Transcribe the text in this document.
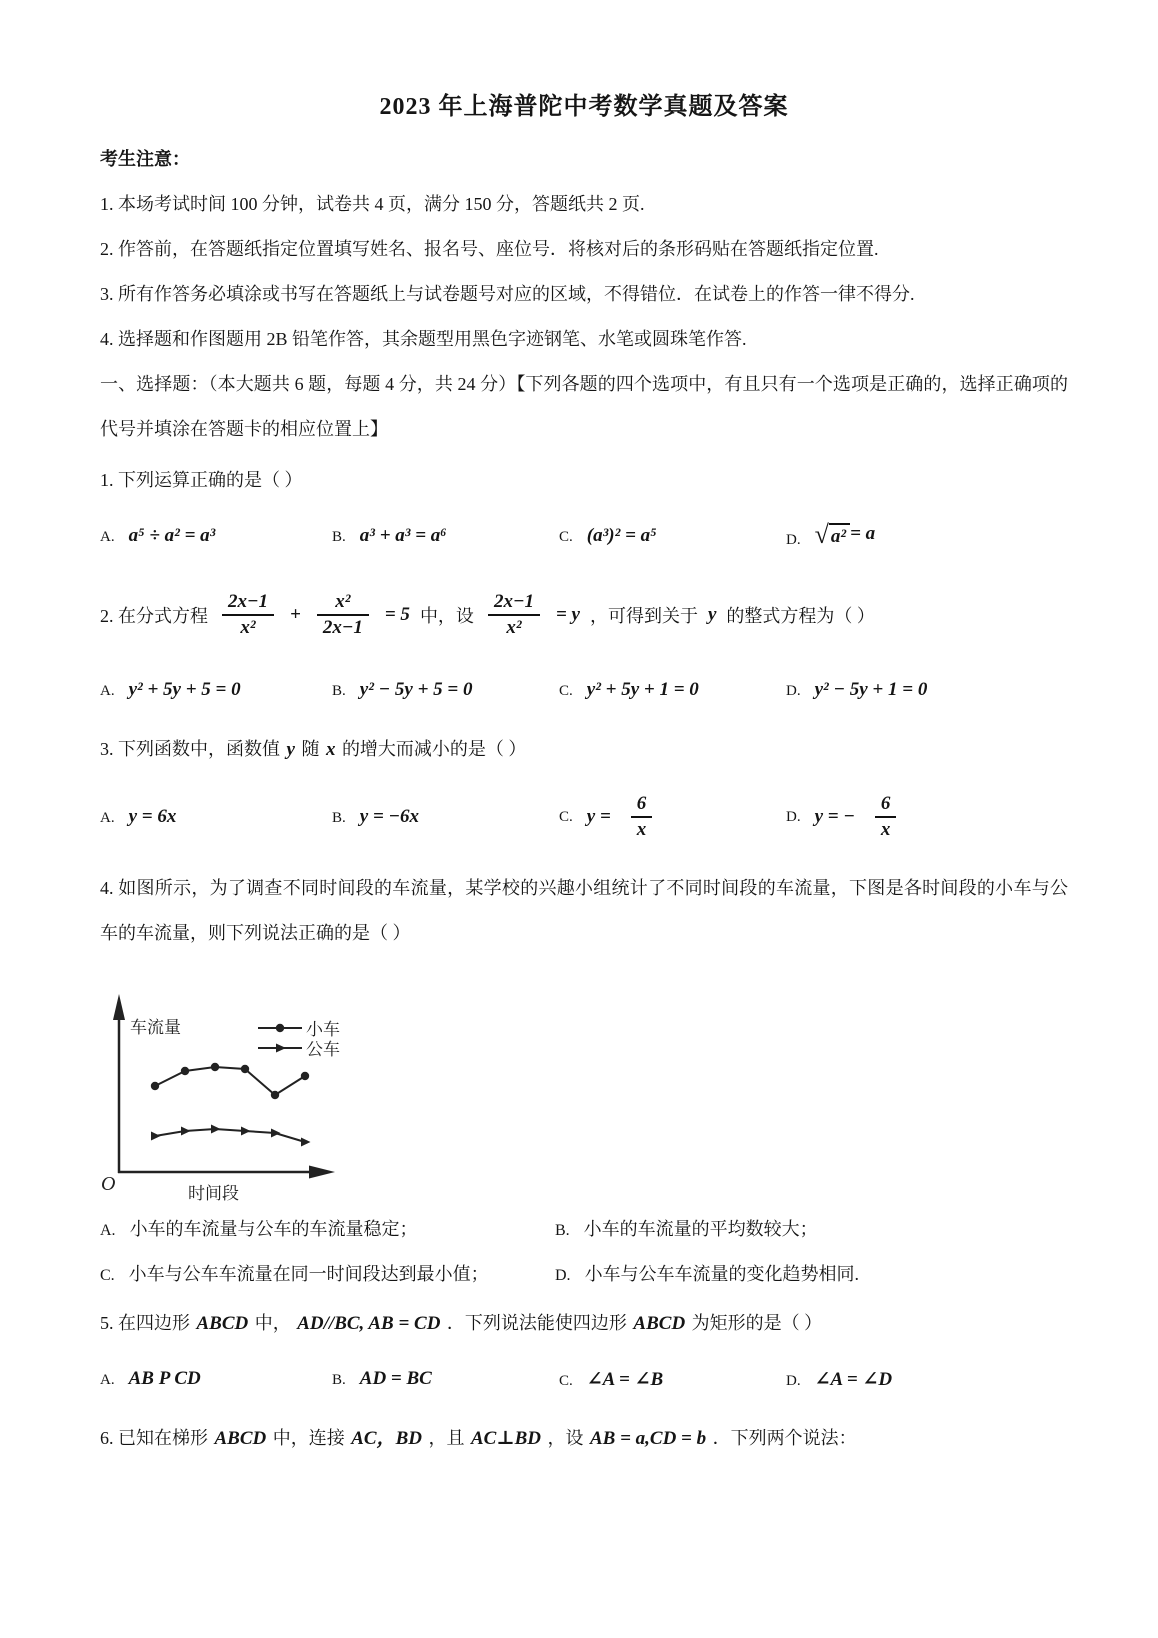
2023 年上海普陀中考数学真题及答案

考生注意：

1. 本场考试时间 100 分钟，试卷共 4 页，满分 150 分，答题纸共 2 页.

2. 作答前，在答题纸指定位置填写姓名、报名号、座位号．将核对后的条形码贴在答题纸指定位置.

3. 所有作答务必填涂或书写在答题纸上与试卷题号对应的区域，不得错位．在试卷上的作答一律不得分.

4. 选择题和作图题用 2B 铅笔作答，其余题型用黑色字迹钢笔、水笔或圆珠笔作答.

一、选择题：（本大题共 6 题，每题 4 分，共 24 分）【下列各题的四个选项中，有且只有一个选项是正确的，选择正确项的代号并填涂在答题卡的相应位置上】

1. 下列运算正确的是（ ）

A. a⁵ ÷ a² = a³	B. a³ + a³ = a⁶	C. (a³)² = a⁵	D. √ a² = a
2. 在分式方程 $\frac{2x-1}{\text{x²}} + \frac{\text{x²}}{2x-1} = 5$ 中，设 $\frac{2x-1}{\text{x²}} = y$ ，可得到关于 y 的整式方程为（ ）
A. y² + 5y + 5 = 0	B. y² − 5y + 5 = 0	C. y² + 5y + 1 = 0	D. y² − 5y + 1 = 0

3. 下列函数中，函数值 y 随 x 的增大而减小的是（ ）

A. y = 6x	B. y = −6x	C. $y = \frac{6}{x}$	D. y = − $\frac{6}{x}$

4. 如图所示，为了调查不同时间段的车流量，某学校的兴趣小组统计了不同时间段的车流量，下图是各时间段的小车与公车的车流量，则下列说法正确的是（ ）

车流量
时间段
O
小车
公车
A. 小车的车流量与公车的车流量稳定；	B. 小车的车流量的平均数较大；
C. 小车与公车车流量在同一时间段达到最小值；	D. 小车与公车车流量的变化趋势相同.

5. 在四边形 ABCD 中， AD//BC, AB = CD ．下列说法能使四边形 ABCD 为矩形的是（ ）

A. AB P CD	B. AD = BC	C. ∠A = ∠B	D. ∠A = ∠D

6. 已知在梯形 ABCD 中，连接 AC，BD ，且 AC⊥BD ，设 AB = a,CD = b ．下列两个说法：
